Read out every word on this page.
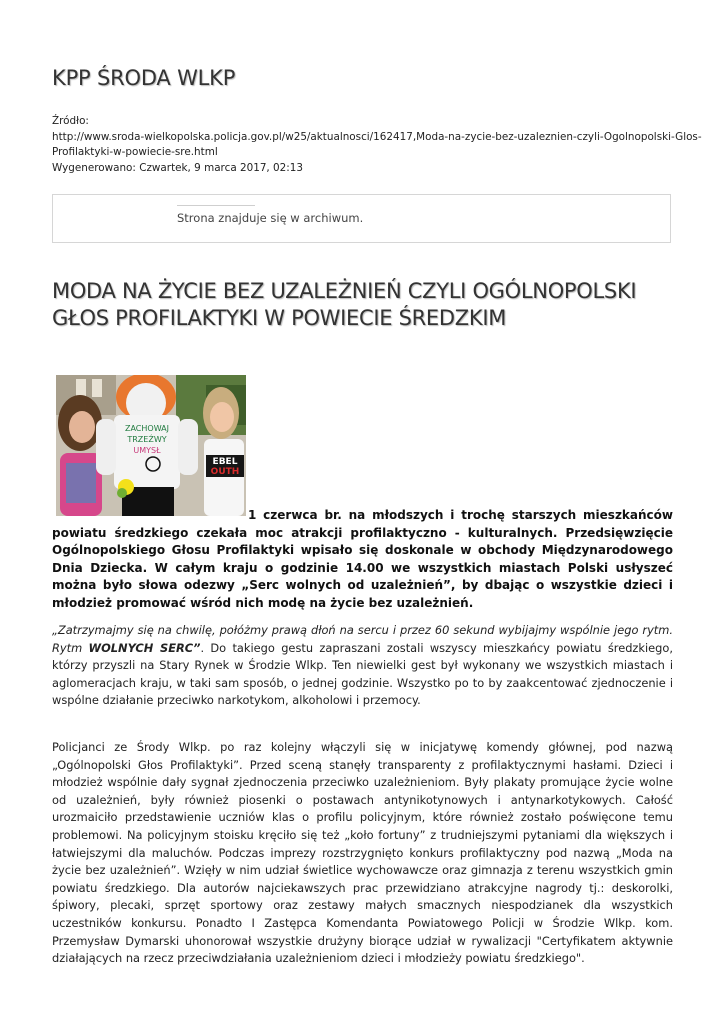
KPP ŚRODA WLKP
Źródło:
http://www.sroda-wielkopolska.policja.gov.pl/w25/aktualnosci/162417,Moda-na-zycie-bez-uzaleznien-czyli-Ogolnopolski-Glos-
Profilaktyki-w-powiecie-sre.html
Wygenerowano: Czwartek, 9 marca 2017, 02:13
Strona znajduje się w archiwum.
MODA NA ŻYCIE BEZ UZALEŻNIEŃ CZYLI OGÓLNOPOLSKI GŁOS PROFILAKTYKI W POWIECIE ŚREDZKIM
ZACHOWAJ
TRZEŹWY
UMYSŁ
EBEL
OUTH

1 czerwca br. na młodszych i trochę starszych mieszkańców powiatu średzkiego czekała moc atrakcji profilaktyczno - kulturalnych. Przedsięwzięcie Ogólnopolskiego Głosu Profilaktyki wpisało się doskonale w obchody Międzynarodowego Dnia Dziecka. W całym kraju o godzinie 14.00 we wszystkich miastach Polski usłyszeć można było słowa odezwy „Serc wolnych od uzależnień”, by dbając o wszystkie dzieci i młodzież promować wśród nich modę na życie bez uzależnień.

„Zatrzymajmy się na chwilę, połóżmy prawą dłoń na sercu i przez 60 sekund wybijajmy wspólnie jego rytm. Rytm WOLNYCH SERC”. Do takiego gestu zapraszani zostali wszyscy mieszkańcy powiatu średzkiego, którzy przyszli na Stary Rynek w Środzie Wlkp. Ten niewielki gest był wykonany we wszystkich miastach i aglomeracjach kraju, w taki sam sposób, o jednej godzinie. Wszystko po to by zaakcentować zjednoczenie i wspólne działanie przeciwko narkotykom, alkoholowi i przemocy.

Policjanci ze Środy Wlkp. po raz kolejny włączyli się w inicjatywę komendy głównej, pod nazwą „Ogólnopolski Głos Profilaktyki”. Przed sceną stanęły transparenty z profilaktycznymi hasłami. Dzieci i młodzież wspólnie dały sygnał zjednoczenia przeciwko uzależnieniom. Były plakaty promujące życie wolne od uzależnień, były również piosenki o postawach antynikotynowych i antynarkotykowych. Całość urozmaiciło przedstawienie uczniów klas o profilu policyjnym, które również zostało poświęcone temu problemowi. Na policyjnym stoisku kręciło się też „koło fortuny” z trudniejszymi pytaniami dla większych i łatwiejszymi dla maluchów. Podczas imprezy rozstrzygnięto konkurs profilaktyczny pod nazwą „Moda na życie bez uzależnień”. Wzięły w nim udział świetlice wychowawcze oraz gimnazja z terenu wszystkich gmin powiatu średzkiego. Dla autorów najciekawszych prac przewidziano atrakcyjne nagrody tj.: deskorolki, śpiwory, plecaki, sprzęt sportowy oraz zestawy małych smacznych niespodzianek dla wszystkich uczestników konkursu. Ponadto I Zastępca Komendanta Powiatowego Policji w Środzie Wlkp. kom. Przemysław Dymarski uhonorował wszystkie drużyny biorące udział w rywalizacji "Certyfikatem aktywnie działających na rzecz przeciwdziałania uzależnieniom dzieci i młodzieży powiatu średzkiego".
